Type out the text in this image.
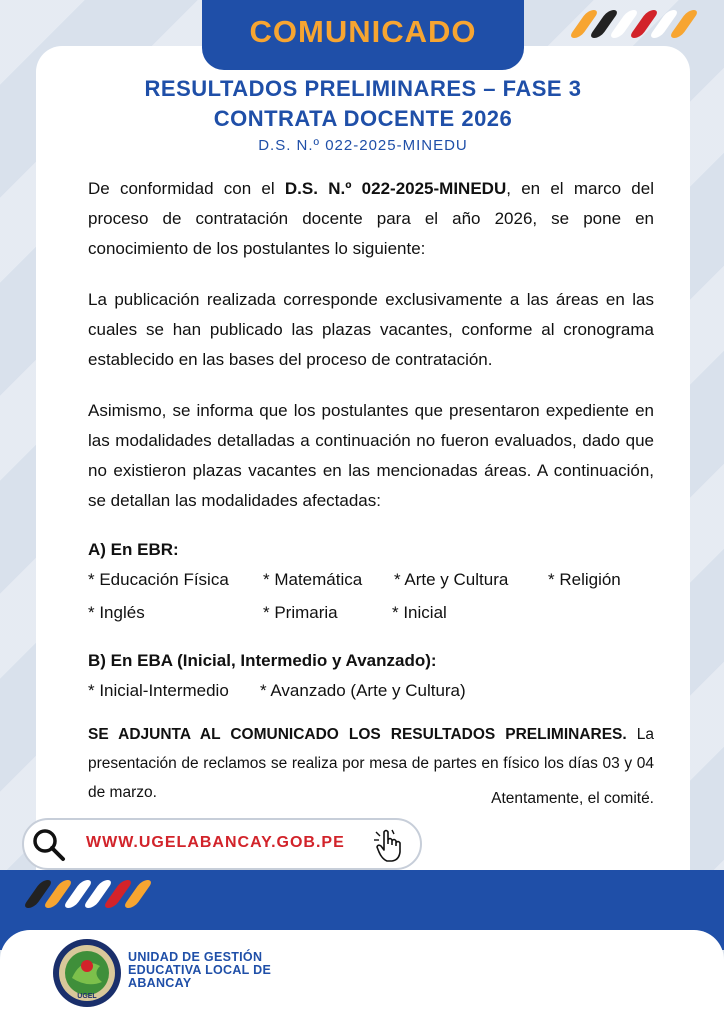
COMUNICADO
RESULTADOS PRELIMINARES – FASE 3
CONTRATA DOCENTE 2026
D.S. N.º 022-2025-MINEDU
De conformidad con el D.S. N.º 022-2025-MINEDU, en el marco del proceso de contratación docente para el año 2026, se pone en conocimiento de los postulantes lo siguiente:
La publicación realizada corresponde exclusivamente a las áreas en las cuales se han publicado las plazas vacantes, conforme al cronograma establecido en las bases del proceso de contratación.
Asimismo, se informa que los postulantes que presentaron expediente en las modalidades detalladas a continuación no fueron evaluados, dado que no existieron plazas vacantes en las mencionadas áreas. A continuación, se detallan las modalidades afectadas:
A) En EBR:
* Educación Física * Matemática * Arte y Cultura * Religión
* Inglés	* Primaria	* Inicial
B) En EBA (Inicial, Intermedio y Avanzado):
* Inicial-Intermedio * Avanzado (Arte y Cultura)
SE ADJUNTA AL COMUNICADO LOS RESULTADOS PRELIMINARES. La presentación de reclamos se realiza por mesa de partes en físico los días 03 y 04 de marzo.	Atentamente, el comité.
WWW.UGELABANCAY.GOB.PE
UGEL
UNIDAD DE GESTIÓN
EDUCATIVA LOCAL DE
ABANCAY
